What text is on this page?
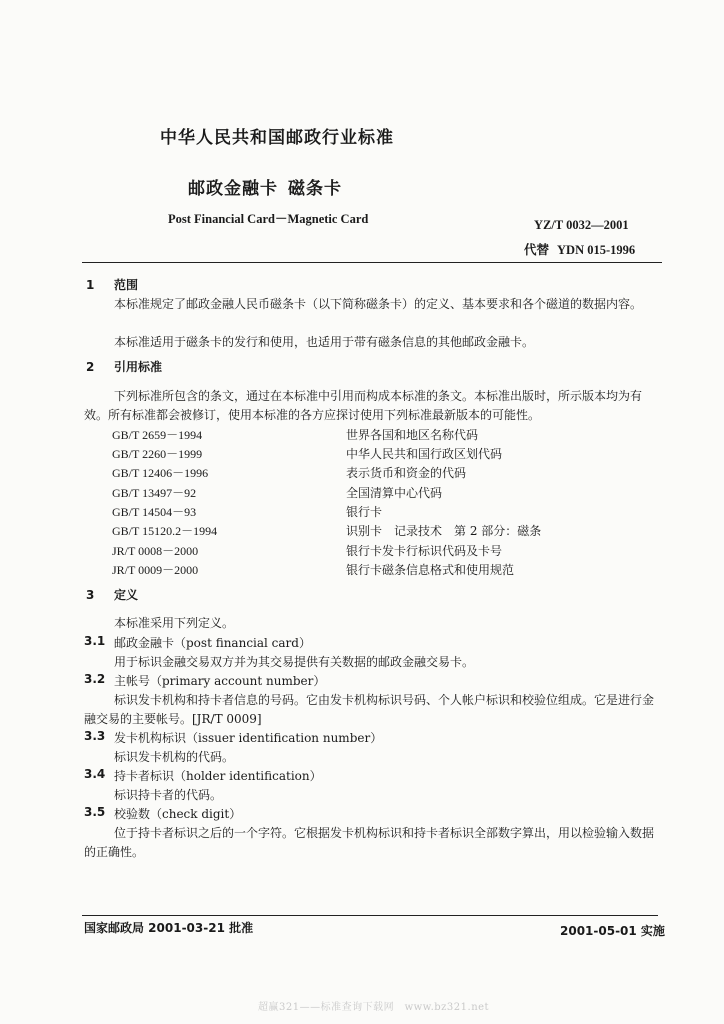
中华人民共和国邮政行业标准
邮政金融卡 磁条卡
Post Financial Card－Magnetic Card	YZ/T 0032—2001
代替 YDN 015-1996
1 范围
本标准规定了邮政金融人民币磁条卡（以下简称磁条卡）的定义、基本要求和各个磁道的数据内容。
本标准适用于磁条卡的发行和使用，也适用于带有磁条信息的其他邮政金融卡。
2 引用标准
下列标准所包含的条文，通过在本标准中引用而构成本标准的条文。本标准出版时，所示版本均为有效。所有标准都会被修订，使用本标准的各方应探讨使用下列标准最新版本的可能性。
GB/T 2659－1994	世界各国和地区名称代码
GB/T 2260－1999	中华人民共和国行政区划代码
GB/T 12406－1996	表示货币和资金的代码
GB/T 13497－92	全国清算中心代码
GB/T 14504－93	银行卡
GB/T 15120.2－1994	识别卡　记录技术　第 2 部分：磁条
JR/T 0008－2000	银行卡发卡行标识代码及卡号
JR/T 0009－2000	银行卡磁条信息格式和使用规范
3 定义
本标准采用下列定义。
3.1 邮政金融卡（post financial card）
用于标识金融交易双方并为其交易提供有关数据的邮政金融交易卡。
3.2 主帐号（primary account number）
标识发卡机构和持卡者信息的号码。它由发卡机构标识号码、个人帐户标识和校验位组成。它是进行金融交易的主要帐号。[JR/T 0009]
3.3 发卡机构标识（issuer identification number）
标识发卡机构的代码。
3.4 持卡者标识（holder identification）
标识持卡者的代码。
3.5 校验数（check digit）
位于持卡者标识之后的一个字符。它根据发卡机构标识和持卡者标识全部数字算出，用以检验输入数据的正确性。
国家邮政局 2001-03-21 批准	2001-05-01 实施
超赢321——标准查询下载网　www.bz321.net
